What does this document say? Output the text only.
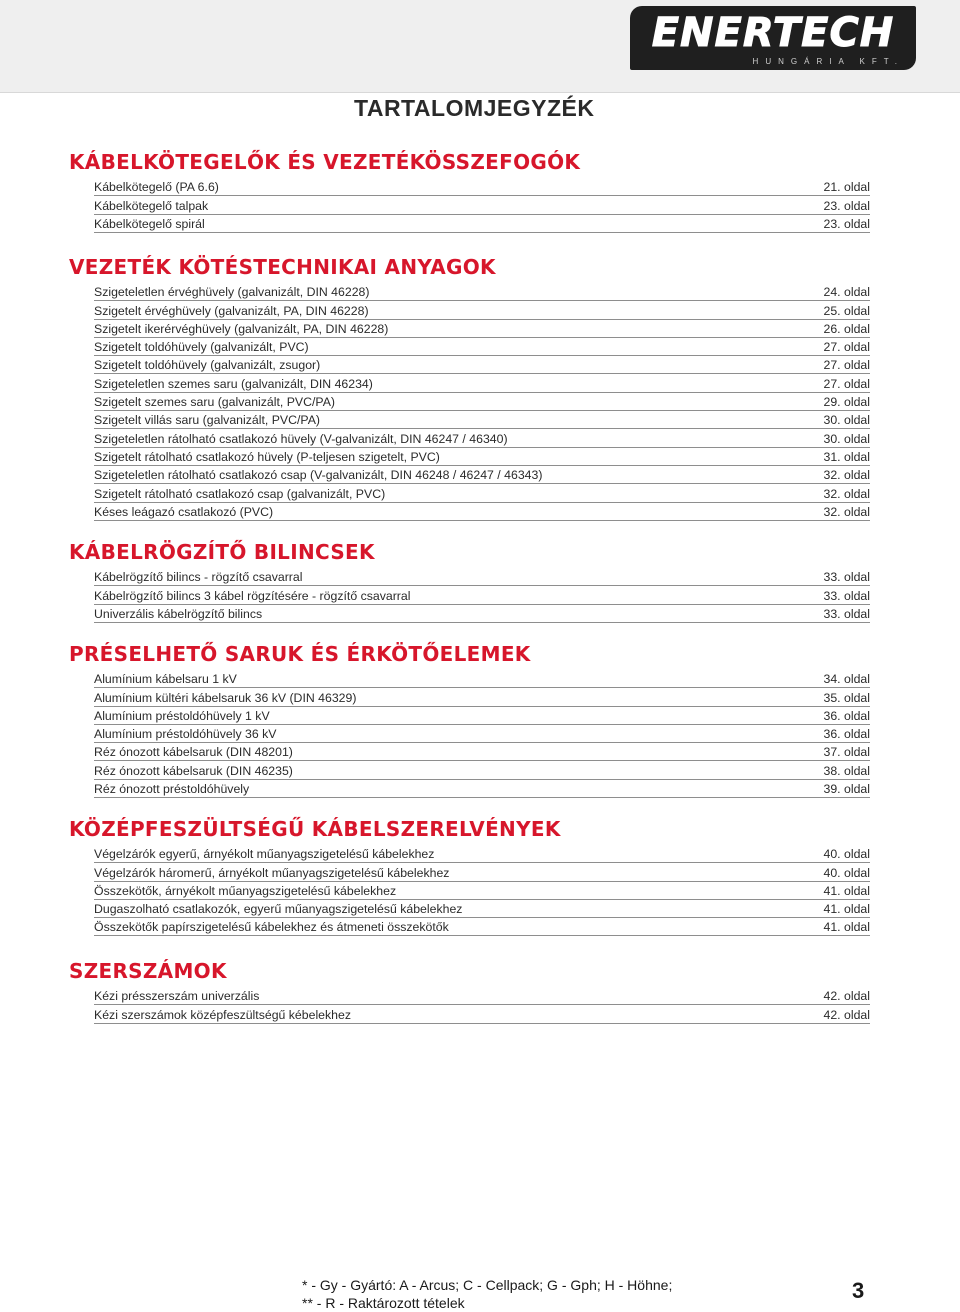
ENERTECH
HUNGÁRIA KFT.
TARTALOMJEGYZÉK
KÁBELKÖTEGELŐK ÉS VEZETÉKÖSSZEFOGÓK
Kábelkötegelő (PA 6.6)	21. oldal
Kábelkötegelő talpak	23. oldal
Kábelkötegelő spirál	23. oldal
VEZETÉK KÖTÉSTECHNIKAI ANYAGOK
Szigeteletlen érvéghüvely (galvanizált, DIN 46228)	24. oldal
Szigetelt érvéghüvely (galvanizált, PA, DIN 46228)	25. oldal
Szigetelt ikerérvéghüvely (galvanizált, PA, DIN 46228)	26. oldal
Szigetelt toldóhüvely (galvanizált, PVC)	27. oldal
Szigetelt toldóhüvely (galvanizált, zsugor)	27. oldal
Szigeteletlen szemes saru (galvanizált, DIN 46234)	27. oldal
Szigetelt szemes saru (galvanizált, PVC/PA)	29. oldal
Szigetelt villás saru (galvanizált, PVC/PA)	30. oldal
Szigeteletlen rátolható csatlakozó hüvely (V-galvanizált, DIN 46247 / 46340)	30. oldal
Szigetelt rátolható csatlakozó hüvely (P-teljesen szigetelt, PVC)	31. oldal
Szigeteletlen rátolható csatlakozó csap (V-galvanizált, DIN 46248 / 46247 / 46343)	32. oldal
Szigetelt rátolható csatlakozó csap (galvanizált, PVC)	32. oldal
Késes leágazó csatlakozó (PVC)	32. oldal
KÁBELRÖGZÍTŐ BILINCSEK
Kábelrögzítő bilincs - rögzítő csavarral	33. oldal
Kábelrögzítő bilincs 3 kábel rögzítésére - rögzítő csavarral	33. oldal
Univerzális kábelrögzítő bilincs	33. oldal
PRÉSELHETŐ SARUK ÉS ÉRKÖTŐELEMEK
Alumínium kábelsaru 1 kV	34. oldal
Alumínium kültéri kábelsaruk 36 kV (DIN 46329)	35. oldal
Alumínium préstoldóhüvely 1 kV	36. oldal
Alumínium préstoldóhüvely 36 kV	36. oldal
Réz ónozott kábelsaruk (DIN 48201)	37. oldal
Réz ónozott kábelsaruk (DIN 46235)	38. oldal
Réz ónozott préstoldóhüvely	39. oldal
KÖZÉPFESZÜLTSÉGŰ KÁBELSZERELVÉNYEK
Végelzárók egyerű, árnyékolt műanyagszigetelésű kábelekhez	40. oldal
Végelzárók háromerű, árnyékolt műanyagszigetelésű kábelekhez	40. oldal
Összekötők, árnyékolt műanyagszigetelésű kábelekhez	41. oldal
Dugaszolható csatlakozók, egyerű műanyagszigetelésű kábelekhez	41. oldal
Összekötők papírszigetelésű kábelekhez és átmeneti összekötők	41. oldal
SZERSZÁMOK
Kézi présszerszám univerzális	42. oldal
Kézi szerszámok középfeszültségű kébelekhez	42. oldal
* - Gy - Gyártó: A - Arcus; C - Cellpack; G - Gph; H - Höhne;
** - R - Raktározott tételek	3
